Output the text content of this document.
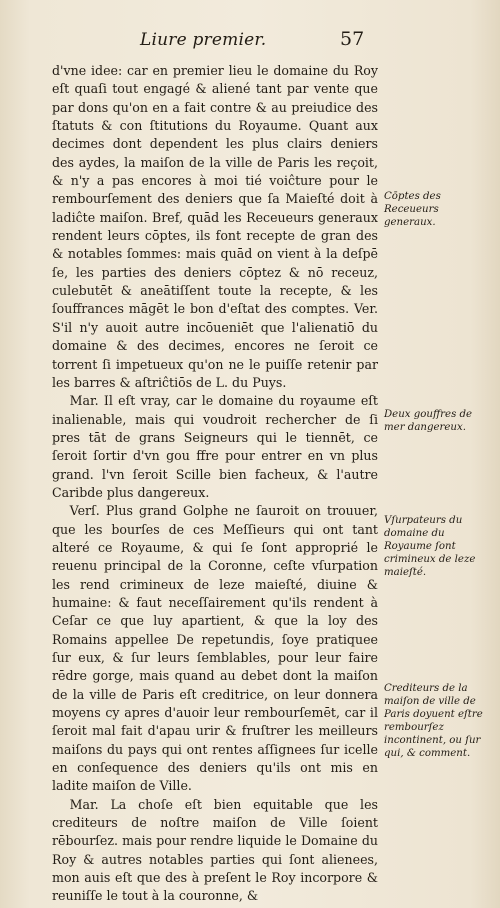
Liure premier.	57

d'vne idee: car en premier lieu le domaine du Roy eſt quaſi tout engagé & aliené tant par vente que par dons qu'on en a fait contre & au preiudice des ſtatuts & con ſtitutions du Royaume. Quant aux decimes dont dependent les plus clairs deniers des aydes, la maiſon de la ville de Paris les reçoit, & n'y a pas encores à moi tié voiĉture pour le rembourſement des deniers que ſa Maieſté doit à ladiĉte maiſon. Bref, quād les Receueurs generaux rendent leurs cōptes, ils font recepte de gran des & notables ſommes: mais quād on vient à la deſpē ſe, les parties des deniers cōptez & nō receuz, culebutēt & aneātiſſent toute la recepte, & les ſouffrances māgēt le bon d'eſtat des comptes. Ver. S'il n'y auoit autre incōueniēt que l'alienatiō du domaine & des decimes, encores ne ſeroit ce torrent ſi impetueux qu'on ne le puiſſe retenir par les barres & aſtriĉtiōs de L. du Puys.

Mar. Il eſt vray, car le domaine du royaume eſt inalienable, mais qui voudroit rechercher de ſi pres tāt de grans Seigneurs qui le tiennēt, ce ſeroit ſortir d'vn gou ffre pour entrer en vn plus grand. l'vn ſeroit Scille bien facheux, & l'autre Caribde plus dangereux.

Verſ. Plus grand Golphe ne ſauroit on trouuer, que les bourſes de ces Meſſieurs qui ont tant alteré ce Royaume, & qui ſe ſont approprié le reuenu principal de la Coronne, ceſte vſurpation les rend crimineux de leze maieſté, diuine & humaine: & faut neceſſairement qu'ils rendent à Ceſar ce que luy apartient, & que la loy des Romains appellee De repetundis, ſoye pratiquee ſur eux, & ſur leurs ſemblables, pour leur faire rēdre gorge, mais quand au debet dont la maiſon de la ville de Paris eſt creditrice, on leur donnera moyens cy apres d'auoir leur rembourſemēt, car il ſeroit mal fait d'apau urir & fruſtrer les meilleurs maiſons du pays qui ont rentes aſſignees ſur icelle en conſequence des deniers qu'ils ont mis en ladite maiſon de Ville.

Mar. La choſe eſt bien equitable que les crediteurs de noſtre maiſon de Ville ſoient rēbourſez. mais pour rendre liquide le Domaine du Roy & autres notables parties qui ſont alienees, mon auis eſt que des à preſent le Roy incorpore & reuniſſe le tout à la couronne, &

Cōptes des Receueurs generaux.
Deux gouffres de mer dangereux.
Vſurpateurs du domaine du Royaume ſont crimineux de leze maieſté.
Crediteurs de la maiſon de ville de Paris doyuent eſtre rembourſez incontinent, ou ſur qui, & comment.
